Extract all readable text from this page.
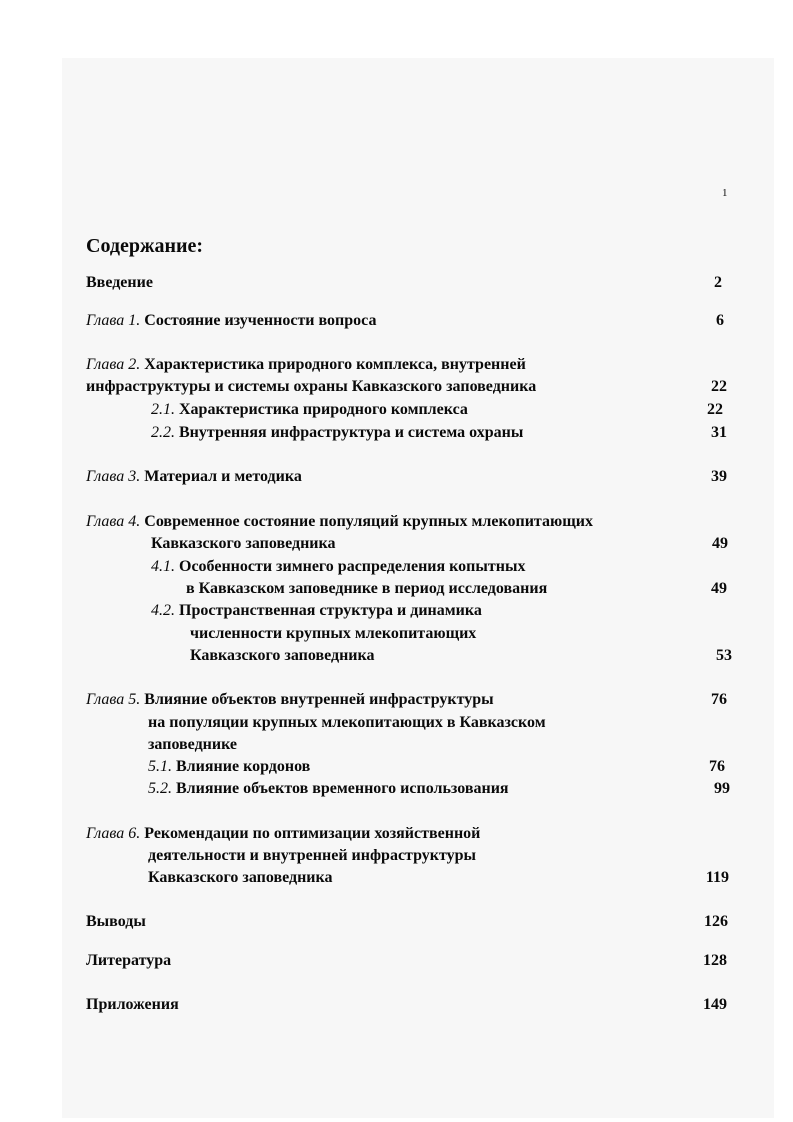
1
Содержание:
Введение	2
Глава 1. Состояние изученности вопроса	6
Глава 2. Характеристика природного комплекса, внутренней
инфраструктуры и системы охраны Кавказского заповедника	22
2.1. Характеристика природного комплекса	22
2.2. Внутренняя инфраструктура и система охраны	31
Глава 3. Материал и методика	39
Глава 4. Современное состояние популяций крупных млекопитающих
Кавказского заповедника	49
4.1. Особенности зимнего распределения копытных
в Кавказском заповеднике в период исследования	49
4.2. Пространственная структура и динамика
численности крупных млекопитающих
Кавказского заповедника	53
Глава 5. Влияние объектов внутренней инфраструктуры	76
на популяции крупных млекопитающих в Кавказском
заповеднике
5.1. Влияние кордонов	76
5.2. Влияние объектов временного использования	99
Глава 6. Рекомендации по оптимизации хозяйственной
деятельности и внутренней инфраструктуры
Кавказского заповедника	119
Выводы	126
Литература	128
Приложения	149
